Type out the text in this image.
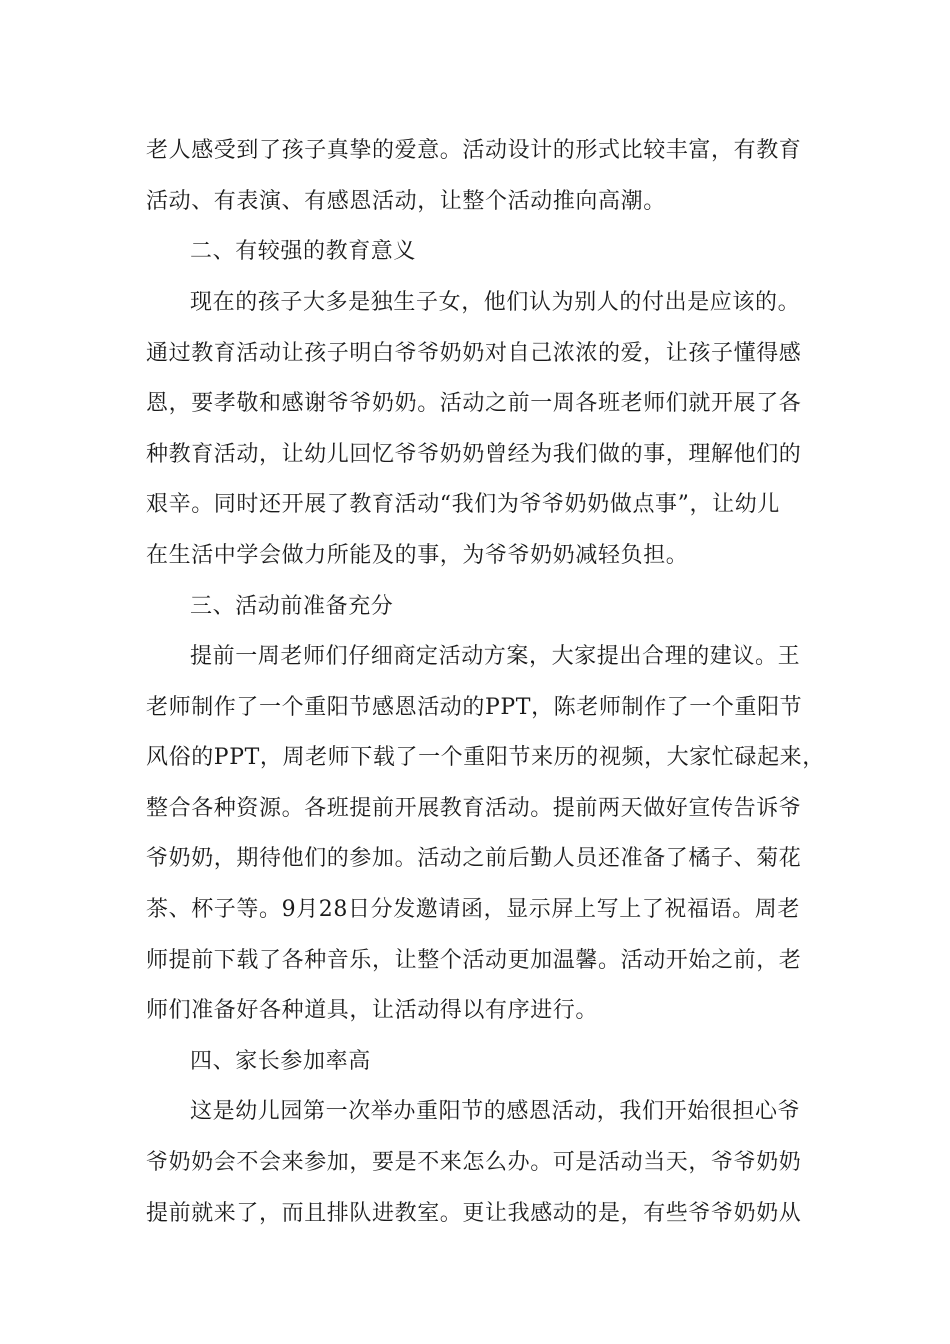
老人感受到了孩子真挚的爱意。活动设计的形式比较丰富，有教育

活动、有表演、有感恩活动，让整个活动推向高潮。

二、有较强的教育意义

现在的孩子大多是独生子女，他们认为别人的付出是应该的。

通过教育活动让孩子明白爷爷奶奶对自己浓浓的爱，让孩子懂得感

恩，要孝敬和感谢爷爷奶奶。活动之前一周各班老师们就开展了各

种教育活动，让幼儿回忆爷爷奶奶曾经为我们做的事，理解他们的

艰辛。同时还开展了教育活动“我们为爷爷奶奶做点事”，让幼儿

在生活中学会做力所能及的事，为爷爷奶奶减轻负担。

三、活动前准备充分

提前一周老师们仔细商定活动方案，大家提出合理的建议。王

老师制作了一个重阳节感恩活动的PPT，陈老师制作了一个重阳节

风俗的PPT，周老师下载了一个重阳节来历的视频，大家忙碌起来，

整合各种资源。各班提前开展教育活动。提前两天做好宣传告诉爷

爷奶奶，期待他们的参加。活动之前后勤人员还准备了橘子、菊花

茶、杯子等。9月28日分发邀请函，显示屏上写上了祝福语。周老

师提前下载了各种音乐，让整个活动更加温馨。活动开始之前，老

师们准备好各种道具，让活动得以有序进行。

四、家长参加率高

这是幼儿园第一次举办重阳节的感恩活动，我们开始很担心爷

爷奶奶会不会来参加，要是不来怎么办。可是活动当天，爷爷奶奶

提前就来了，而且排队进教室。更让我感动的是，有些爷爷奶奶从
